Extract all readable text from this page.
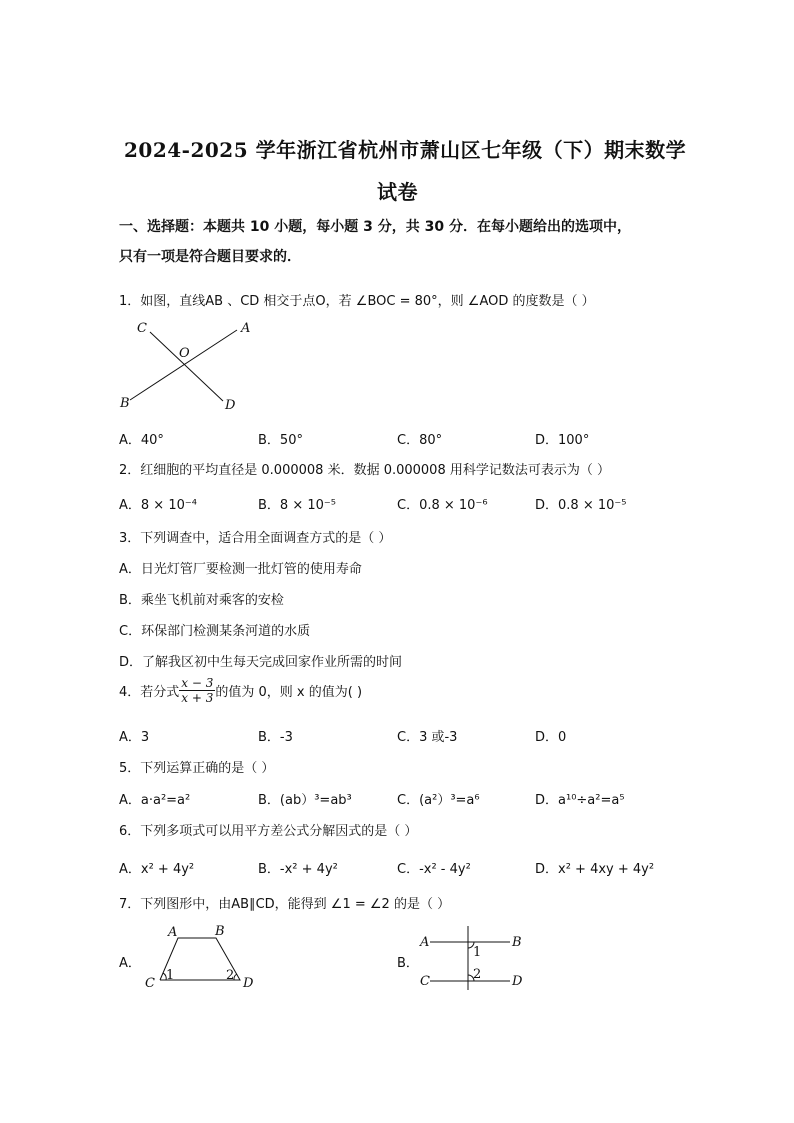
2024-2025 学年浙江省杭州市萧山区七年级（下）期末数学
试卷
一、选择题：本题共 10 小题，每小题 3 分，共 30 分．在每小题给出的选项中，
只有一项是符合题目要求的．
1．如图，直线AB 、CD 相交于点O，若 ∠BOC = 80°，则 ∠AOD 的度数是（ ）
C	A
O
B	D
A．40°	B．50°	C．80°	D．100°
2．红细胞的平均直径是 0.000008 米．数据 0.000008 用科学记数法可表示为（ ）
A．8 × 10⁻⁴	B．8 × 10⁻⁵	C．0.8 × 10⁻⁶	D．0.8 × 10⁻⁵
3．下列调查中，适合用全面调查方式的是（ ）
A．日光灯管厂要检测一批灯管的使用寿命
B．乘坐飞机前对乘客的安检
C．环保部门检测某条河道的水质
D．了解我区初中生每天完成回家作业所需的时间
4．若分式 $\frac{x - 3}{x + 3}$ 的值为 0，则 x 的值为( )
A．3	B．-3	C．3 或-3	D．0
5．下列运算正确的是（ ）
A．a·a²=a²	B．(ab）³=ab³	C．(a²）³=a⁶	D．a¹⁰÷a²=a⁵
6．下列多项式可以用平方差公式分解因式的是（ ）
A．x² + 4y²	B．-x² + 4y²	C．-x² - 4y²	D．x² + 4xy + 4y²
7．下列图形中，由AB∥CD，能得到 ∠1 = ∠2 的是（ ）
A．
A	B
C	D
1	2
B．
A	B
C	D
1
2
